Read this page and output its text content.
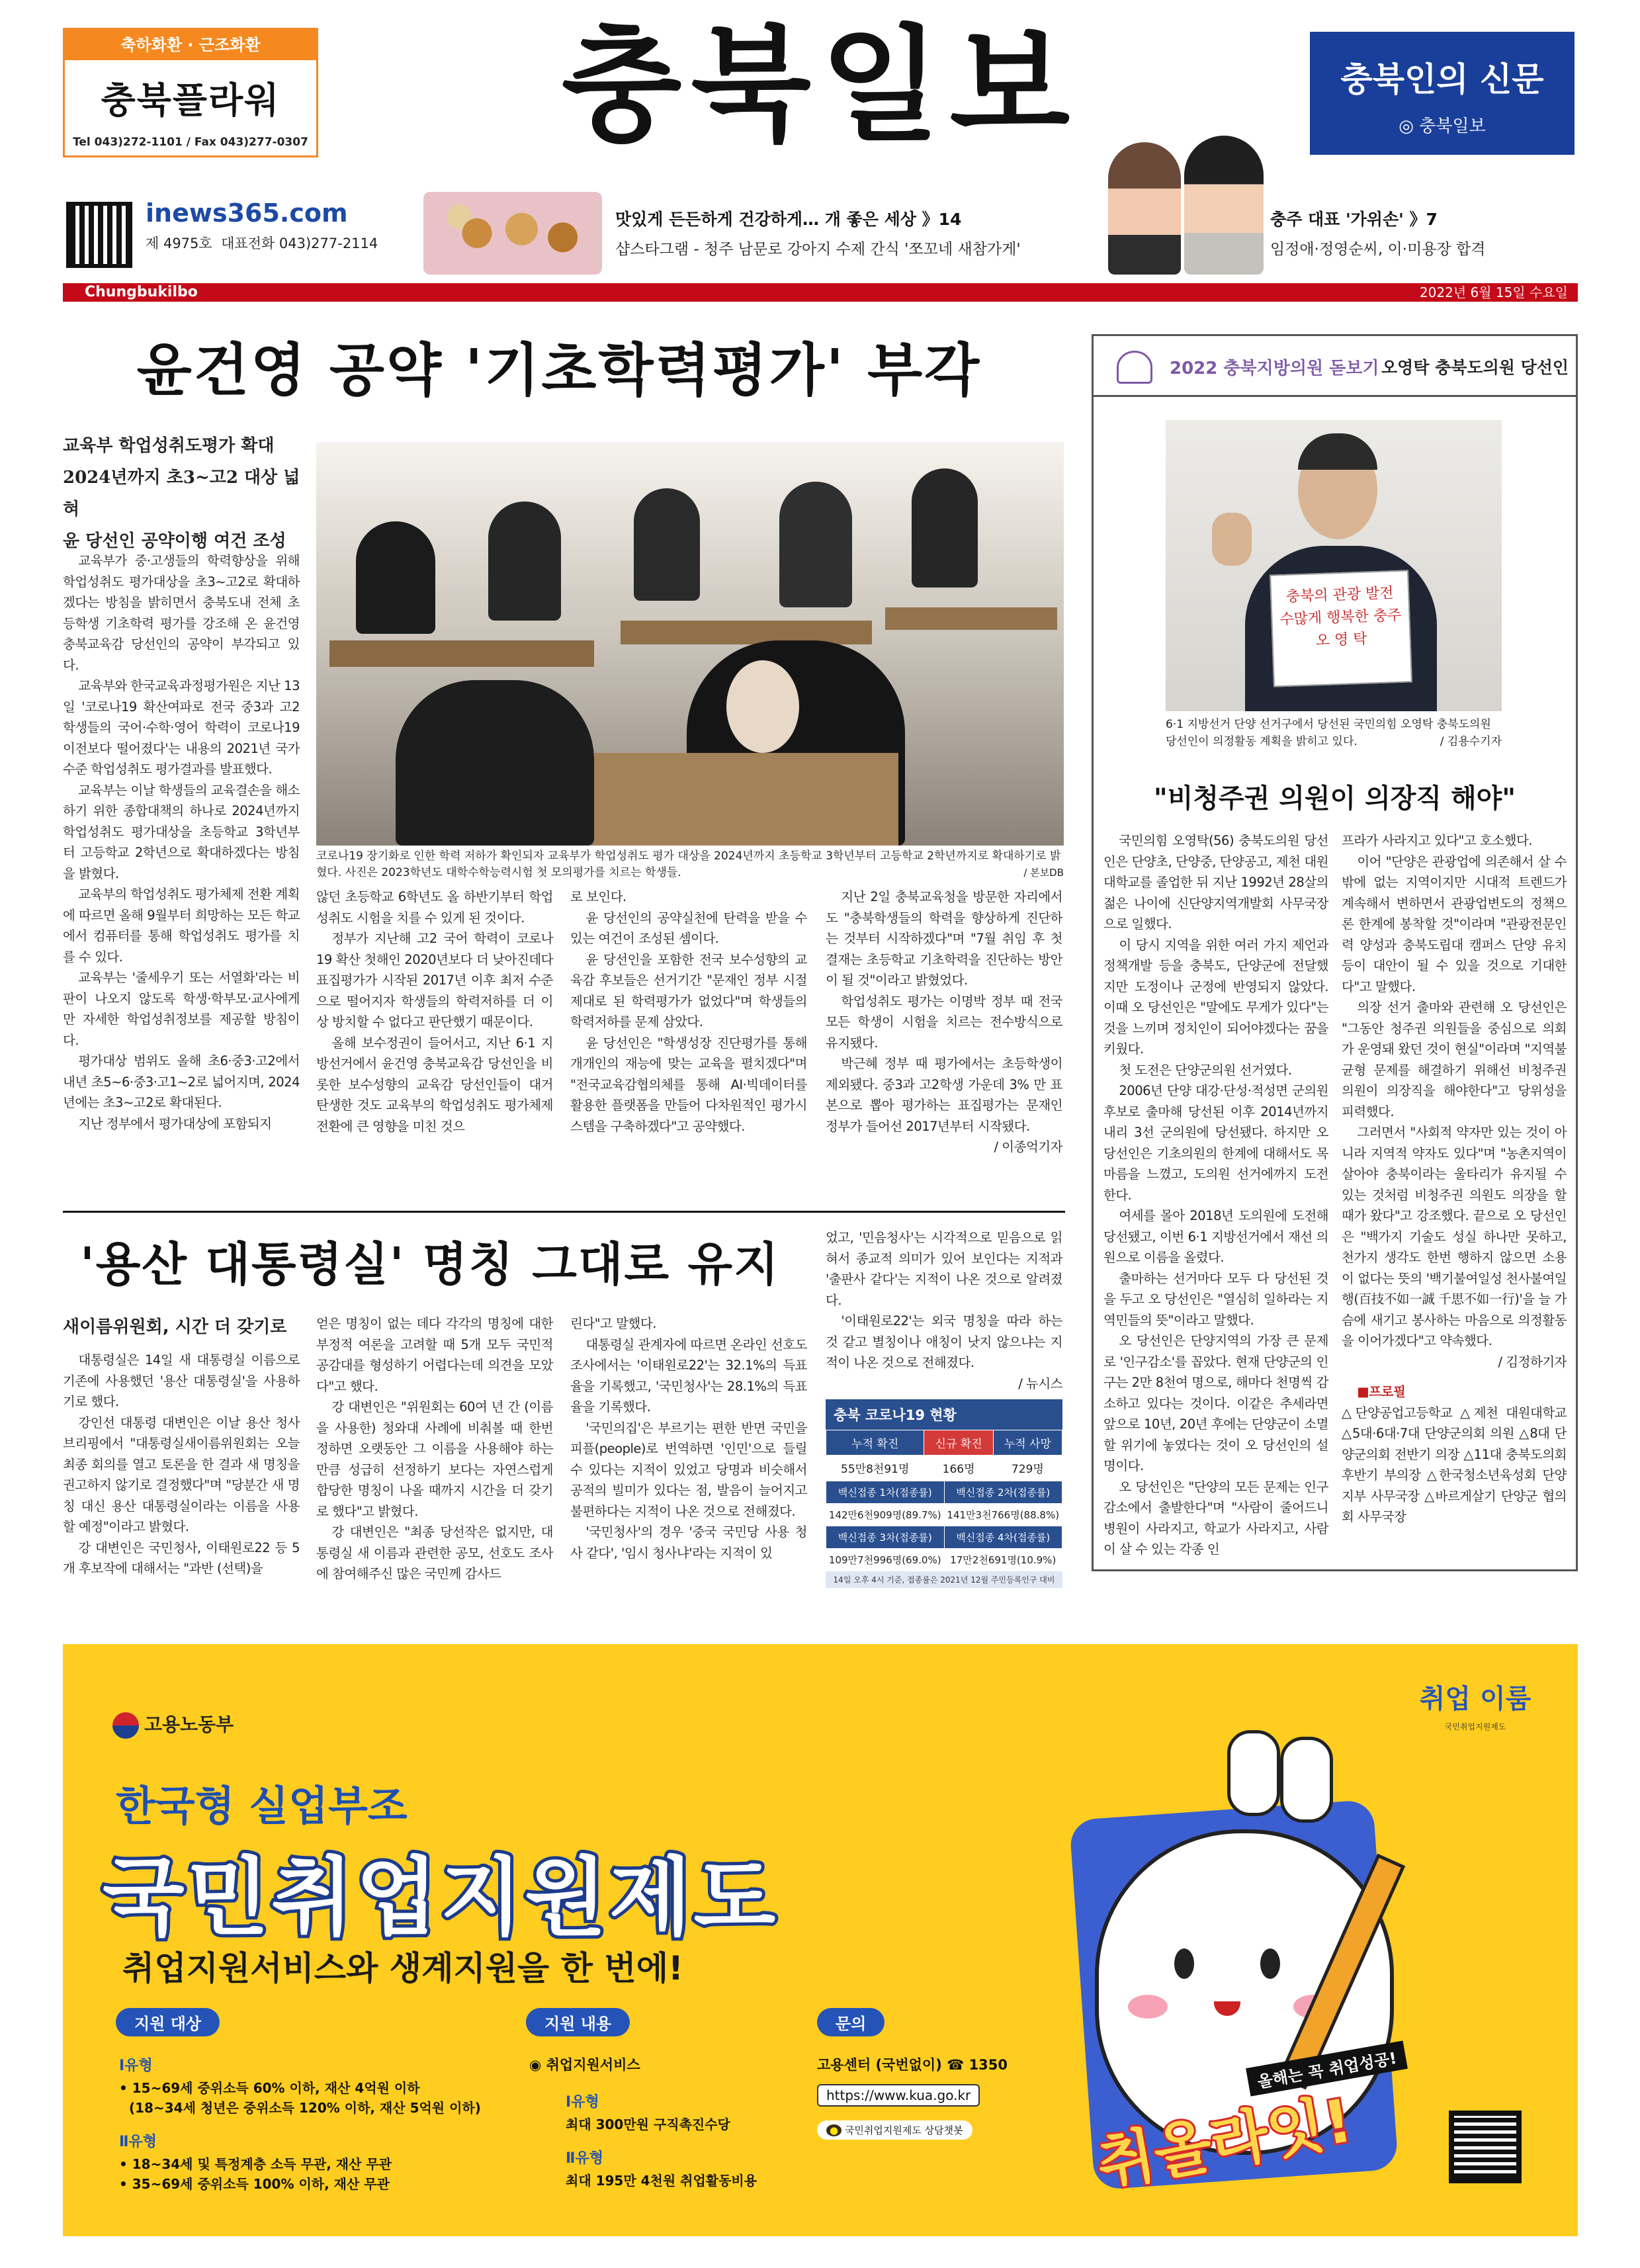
축하화환 · 근조화환
충북플라워
Tel 043)272-1101 / Fax 043)277-0307	충북일보	충북인의 신문
◎ 충북일보
inews365.com
제 4975호 대표전화 043)277-2114
맛있게 든든하게 건강하게… 개 좋은 세상 》14
샵스타그램 - 청주 남문로 강아지 수제 간식 '쪼꼬네 새참가게'
충주 대표 '가위손' 》7
임정애·정영순씨, 이·미용장 합격
Chungbukilbo	2022년 6월 15일 수요일
윤건영 공약 '기초학력평가' 부각
교육부 학업성취도평가 확대
2024년까지 초3~고2 대상 넓혀
윤 당선인 공약이행 여건 조성
코로나19 장기화로 인한 학력 저하가 확인되자 교육부가 학업성취도 평가 대상을 2024년까지 초등학교 3학년부터 고등학교 2학년까지로 확대하기로 밝혔다. 사진은 2023학년도 대학수학능력시험 첫 모의평가를 치르는 학생들.	/ 본보DB

교육부가 중·고생들의 학력향상을 위해 학업성취도 평가대상을 초3~고2로 확대하겠다는 방침을 밝히면서 충북도내 전체 초등학생 기초학력 평가를 강조해 온 윤건영 충북교육감 당선인의 공약이 부각되고 있다.

교육부와 한국교육과정평가원은 지난 13일 '코로나19 확산여파로 전국 중3과 고2 학생들의 국어·수학·영어 학력이 코로나19 이전보다 떨어졌다'는 내용의 2021년 국가수준 학업성취도 평가결과를 발표했다.

교육부는 이날 학생들의 교육결손을 해소하기 위한 종합대책의 하나로 2024년까지 학업성취도 평가대상을 초등학교 3학년부터 고등학교 2학년으로 확대하겠다는 방침을 밝혔다.

교육부의 학업성취도 평가체제 전환 계획에 따르면 올해 9월부터 희망하는 모든 학교에서 컴퓨터를 통해 학업성취도 평가를 치를 수 있다.

교육부는 '줄세우기 또는 서열화'라는 비판이 나오지 않도록 학생·학부모·교사에게만 자세한 학업성취정보를 제공할 방침이다.

평가대상 범위도 올해 초6·중3·고2에서 내년 초5~6·중3·고1~2로 넓어지며, 2024년에는 초3~고2로 확대된다.

지난 정부에서 평가대상에 포함되지

않던 초등학교 6학년도 올 하반기부터 학업성취도 시험을 치를 수 있게 된 것이다.

정부가 지난해 고2 국어 학력이 코로나19 확산 첫해인 2020년보다 더 낮아진데다 표집평가가 시작된 2017년 이후 최저 수준으로 떨어지자 학생들의 학력저하를 더 이상 방치할 수 없다고 판단했기 때문이다.

올해 보수정권이 들어서고, 지난 6·1 지방선거에서 윤건영 충북교육감 당선인을 비롯한 보수성향의 교육감 당선인들이 대거 탄생한 것도 교육부의 학업성취도 평가체제 전환에 큰 영향을 미친 것으

로 보인다.

윤 당선인의 공약실천에 탄력을 받을 수 있는 여건이 조성된 셈이다.

윤 당선인을 포함한 전국 보수성향의 교육감 후보들은 선거기간 "문재인 정부 시절 제대로 된 학력평가가 없었다"며 학생들의 학력저하를 문제 삼았다.

윤 당선인은 "학생성장 진단평가를 통해 개개인의 재능에 맞는 교육을 펼치겠다"며 "전국교육감협의체를 통해 AI·빅데이터를 활용한 플랫폼을 만들어 다차원적인 평가시스템을 구축하겠다"고 공약했다.

지난 2일 충북교육청을 방문한 자리에서도 "충북학생들의 학력을 향상하게 진단하는 것부터 시작하겠다"며 "7월 취임 후 첫 결재는 초등학교 기초학력을 진단하는 방안이 될 것"이라고 밝혔었다.

학업성취도 평가는 이명박 정부 때 전국 모든 학생이 시험을 치르는 전수방식으로 유지됐다.

박근혜 정부 때 평가에서는 초등학생이 제외됐다. 중3과 고2학생 가운데 3% 만 표본으로 뽑아 평가하는 표집평가는 문재인 정부가 들어선 2017년부터 시작됐다.

/ 이종억기자

2022 충북지방의원 돋보기 오영탁 충북도의원 당선인
충북의 관광 발전
수많게 행복한 충주
오 영 탁
6·1 지방선거 단양 선거구에서 당선된 국민의힘 오영탁 충북도의원 당선인이 의정활동 계획을 밝히고 있다.	/ 김용수기자
"비청주권 의원이 의장직 해야"

국민의힘 오영탁(56) 충북도의원 당선인은 단양초, 단양중, 단양공고, 제천 대원대학교를 졸업한 뒤 지난 1992년 28살의 젊은 나이에 신단양지역개발회 사무국장으로 일했다.

이 당시 지역을 위한 여러 가지 제언과 정책개발 등을 충북도, 단양군에 전달했지만 도정이나 군정에 반영되지 않았다. 이때 오 당선인은 "말에도 무게가 있다"는 것을 느끼며 정치인이 되어야겠다는 꿈을 키웠다.

첫 도전은 단양군의원 선거였다.

2006년 단양 대강·단성·적성면 군의원 후보로 출마해 당선된 이후 2014년까지 내리 3선 군의원에 당선됐다. 하지만 오 당선인은 기초의원의 한계에 대해서도 목마름을 느꼈고, 도의원 선거에까지 도전한다.

여세를 몰아 2018년 도의원에 도전해 당선됐고, 이번 6·1 지방선거에서 재선 의원으로 이름을 올렸다.

출마하는 선거마다 모두 다 당선된 것을 두고 오 당선인은 "열심히 일하라는 지역민들의 뜻"이라고 말했다.

오 당선인은 단양지역의 가장 큰 문제로 '인구감소'를 꼽았다. 현재 단양군의 인구는 2만 8천여 명으로, 해마다 천명씩 감소하고 있다는 것이다. 이같은 추세라면 앞으로 10년, 20년 후에는 단양군이 소멸할 위기에 놓였다는 것이 오 당선인의 설명이다.

오 당선인은 "단양의 모든 문제는 인구감소에서 출발한다"며 "사람이 줄어드니 병원이 사라지고, 학교가 사라지고, 사람이 살 수 있는 각종 인

프라가 사라지고 있다"고 호소했다.

이어 "단양은 관광업에 의존해서 살 수 밖에 없는 지역이지만 시대적 트렌드가 계속해서 변하면서 관광업변도의 정책으론 한계에 봉착할 것"이라며 "관광전문인력 양성과 충북도립대 캠퍼스 단양 유치 등이 대안이 될 수 있을 것으로 기대한다"고 말했다.

의장 선거 출마와 관련해 오 당선인은 "그동안 청주권 의원들을 중심으로 의회가 운영돼 왔던 것이 현실"이라며 "지역불균형 문제를 해결하기 위해선 비청주권 의원이 의장직을 해야한다"고 당위성을 피력했다.

그러면서 "사회적 약자만 있는 것이 아니라 지역적 약자도 있다"며 "농촌지역이 살아야 충북이라는 울타리가 유지될 수 있는 것처럼 비청주권 의원도 의장을 할 때가 왔다"고 강조했다. 끝으로 오 당선인은 "백가지 기술도 성실 하나만 못하고, 천가지 생각도 한번 행하지 않으면 소용이 없다는 뜻의 '백기불여일성 천사불여일행(百技不如一誠 千思不如一行)'을 늘 가슴에 새기고 봉사하는 마음으로 의정활동을 이어가겠다"고 약속했다.

/ 김정하기자

■프로필

△단양공업고등학교 △제천 대원대학교 △5대·6대·7대 단양군의회 의원 △8대 단양군의회 전반기 의장 △11대 충북도의회 후반기 부의장 △한국청소년육성회 단양지부 사무국장 △바르게살기 단양군 협의회 사무국장

'용산 대통령실' 명칭 그대로 유지
새이름위원회, 시간 더 갖기로

대통령실은 14일 새 대통령실 이름으로 기존에 사용했던 '용산 대통령실'을 사용하기로 했다.

강인선 대통령 대변인은 이날 용산 청사 브리핑에서 "대통령실새이름위원회는 오늘 최종 회의를 열고 토론을 한 결과 새 명칭을 권고하지 않기로 결정했다"며 "당분간 새 명칭 대신 용산 대통령실이라는 이름을 사용할 예정"이라고 밝혔다.

강 대변인은 국민청사, 이태원로22 등 5개 후보작에 대해서는 "과반 (선택)을

얻은 명칭이 없는 데다 각각의 명칭에 대한 부정적 여론을 고려할 때 5개 모두 국민적 공감대를 형성하기 어렵다는데 의견을 모았다"고 했다.

강 대변인은 "위원회는 60여 년 간 (이름을 사용한) 청와대 사례에 비춰볼 때 한번 정하면 오랫동안 그 이름을 사용해야 하는 만큼 성급히 선정하기 보다는 자연스럽게 합당한 명칭이 나올 때까지 시간을 더 갖기로 했다"고 밝혔다.

강 대변인은 "최종 당선작은 없지만, 대통령실 새 이름과 관련한 공모, 선호도 조사에 참여해주신 많은 국민께 감사드

린다"고 말했다.

대통령실 관계자에 따르면 온라인 선호도 조사에서는 '이태원로22'는 32.1%의 득표율을 기록했고, '국민청사'는 28.1%의 득표율을 기록했다.

'국민의집'은 부르기는 편한 반면 국민을 피플(people)로 번역하면 '인민'으로 들릴 수 있다는 지적이 있었고 당명과 비슷해서 공적의 빌미가 있다는 점, 발음이 늘어지고 불편하다는 지적이 나온 것으로 전해졌다.

'국민청사'의 경우 '중국 국민당 사용 청사 같다', '임시 청사냐'라는 지적이 있

었고, '민음청사'는 시각적으로 믿음으로 읽혀서 종교적 의미가 있어 보인다는 지적과 '출판사 같다'는 지적이 나온 것으로 알려졌다.

'이태원로22'는 외국 명칭을 따라 하는 것 같고 별칭이나 애칭이 낫지 않으냐는 지적이 나온 것으로 전해졌다.

/ 뉴시스

충북 코로나19 현황
누적 확진	신규 확진	누적 사망
55만8천91명	166명	729명
백신접종 1차(접종률)	백신접종 2차(접종률)
142만6천909명(89.7%)	141만3천766명(88.8%)
백신접종 3차(접종률)	백신접종 4차(접종률)
109만7천996명(69.0%)	17만2천691명(10.9%)
14일 오후 4시 기준, 접종률은 2021년 12월 주민등록인구 대비
고용노동부
한국형 실업부조
국민취업지원제도
취업지원서비스와 생계지원을 한 번에!
지원 대상
Ⅰ유형
• 15~69세 중위소득 60% 이하, 재산 4억원 이하
(18~34세 청년은 중위소득 120% 이하, 재산 5억원 이하)
Ⅱ유형
• 18~34세 및 특정계층 소득 무관, 재산 무관
• 35~69세 중위소득 100% 이하, 재산 무관
지원 내용
◉ 취업지원서비스
Ⅰ유형
최대 300만원 구직촉진수당
Ⅱ유형
최대 195만 4천원 취업활동비용
문의
고용센터 (국번없이) ☎ 1350
https://www.kua.go.kr
● 국민취업지원제도 상담챗봇
올해는 꼭 취업성공!
취올라잇!
취업 이룸
국민취업지원제도
